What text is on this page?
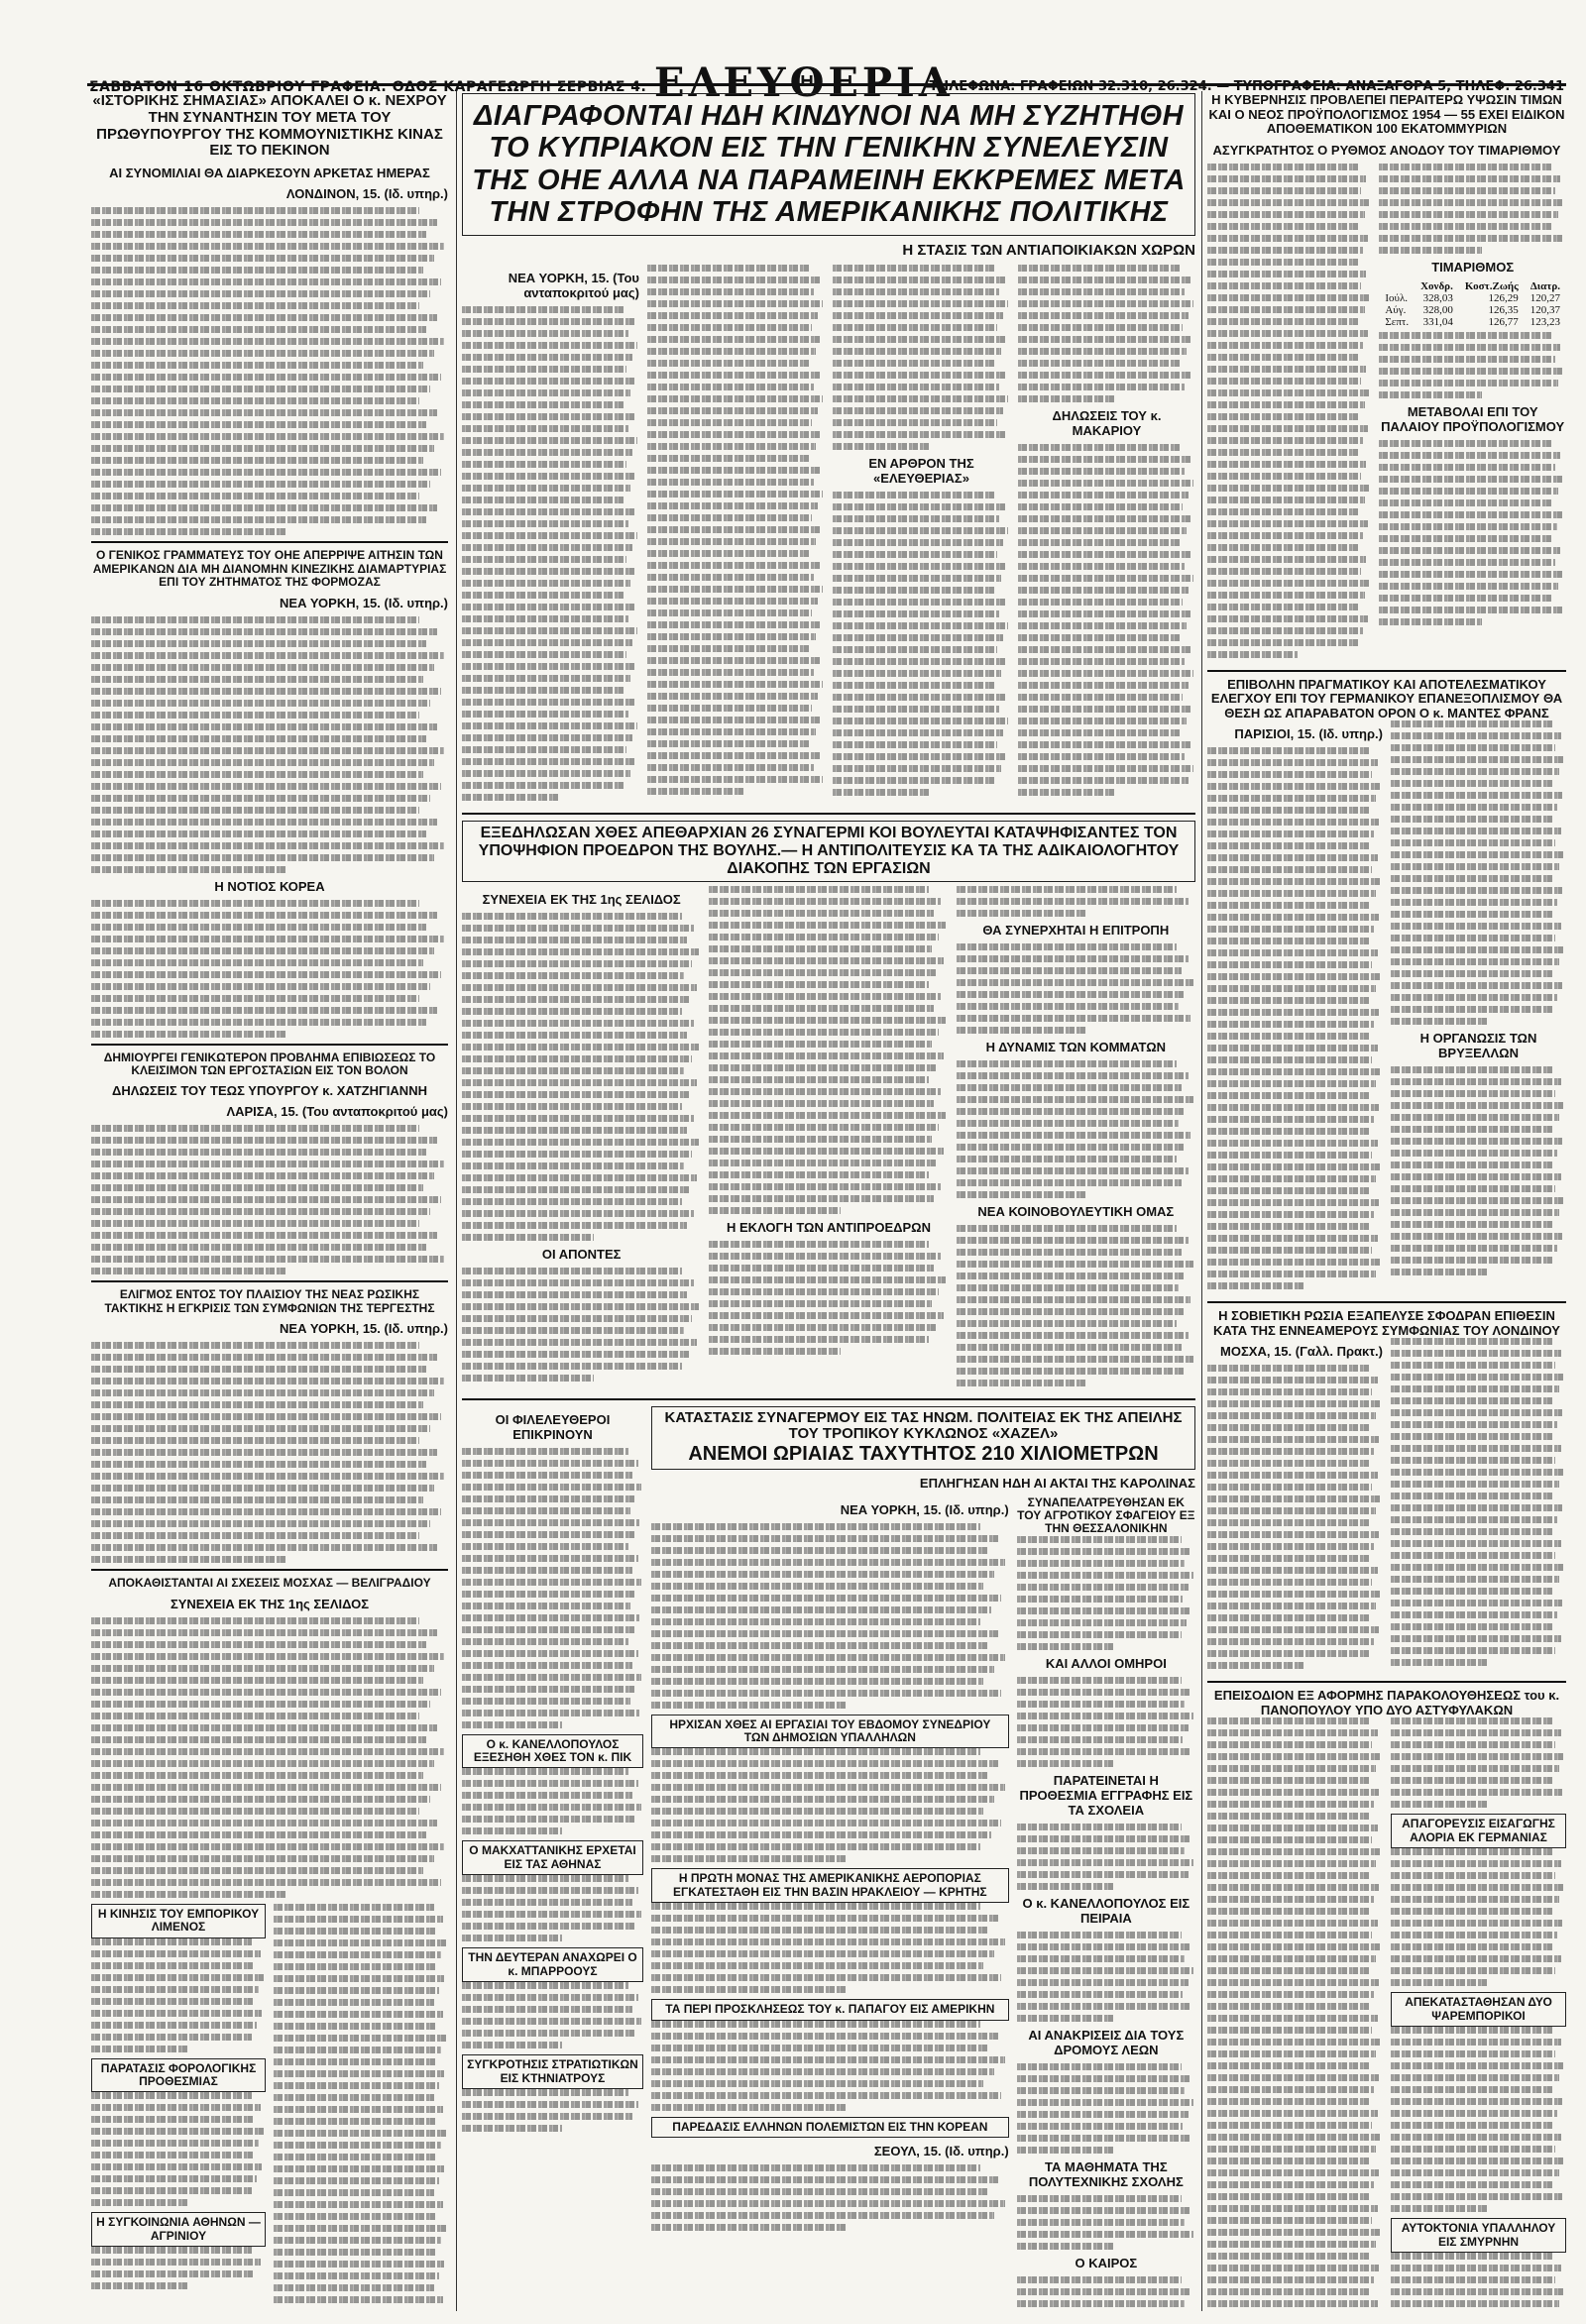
ΣΑΒΒΑΤΟΝ 16 ΟΚΤΩΒΡΙΟΥ ΓΡΑΦΕΙΑ: ΟΔΟΣ ΚΑΡΑΓΕΩΡΓΗ ΣΕΡΒΙΑΣ 4. ΕΛΕΥΘΕΡΙΑ
ΤΗΛΕΦΩΝΑ: ΓΡΑΦΕΙΩΝ 32.310, 26.324. — ΤΥΠΟΓΡΑΦΕΙΑ: ΑΝΑΞΑΓΟΡΑ 5, ΤΗΛΕΦ. 26.341

«ΙΣΤΟΡΙΚΗΣ ΣΗΜΑΣΙΑΣ» ΑΠΟΚΑΛΕΙ Ο κ. ΝΕΧΡΟΥ ΤΗΝ ΣΥΝΑΝΤΗΣΙΝ ΤΟΥ ΜΕΤΑ ΤΟΥ ΠΡΩΘΥΠΟΥΡΓΟΥ ΤΗΣ ΚΟΜΜΟΥΝΙΣΤΙΚΗΣ ΚΙΝΑΣ ΕΙΣ ΤΟ ΠΕΚΙΝΟΝ

ΑΙ ΣΥΝΟΜΙΛΙΑΙ ΘΑ ΔΙΑΡΚΕΣΟΥΝ ΑΡΚΕΤΑΣ ΗΜΕΡΑΣ

ΛΟΝΔΙΝΟΝ, 15. (Ιδ. υπηρ.)

Ο ΓΕΝΙΚΟΣ ΓΡΑΜΜΑΤΕΥΣ ΤΟΥ ΟΗΕ ΑΠΕΡΡΙΨΕ ΑΙΤΗΣΙΝ ΤΩΝ ΑΜΕΡΙΚΑΝΩΝ ΔΙΑ ΜΗ ΔΙΑΝΟΜΗΝ ΚΙΝΕΖΙΚΗΣ ΔΙΑΜΑΡΤΥΡΙΑΣ ΕΠΙ ΤΟΥ ΖΗΤΗΜΑΤΟΣ ΤΗΣ ΦΟΡΜΟΖΑΣ

ΝΕΑ ΥΟΡΚΗ, 15. (Ιδ. υπηρ.)

Η ΝΟΤΙΟΣ ΚΟΡΕΑ

ΔΗΜΙΟΥΡΓΕΙ ΓΕΝΙΚΩΤΕΡΟΝ ΠΡΟΒΛΗΜΑ ΕΠΙΒΙΩΣΕΩΣ ΤΟ ΚΛΕΙΣΙΜΟΝ ΤΩΝ ΕΡΓΟΣΤΑΣΙΩΝ ΕΙΣ ΤΟΝ ΒΟΛΟΝ

ΔΗΛΩΣΕΙΣ ΤΟΥ ΤΕΩΣ ΥΠΟΥΡΓΟΥ κ. ΧΑΤΖΗΓΙΑΝΝΗ

ΛΑΡΙΣΑ, 15. (Του ανταποκριτού μας)

ΕΛΙΓΜΟΣ ΕΝΤΟΣ ΤΟΥ ΠΛΑΙΣΙΟΥ ΤΗΣ ΝΕΑΣ ΡΩΣΙΚΗΣ ΤΑΚΤΙΚΗΣ Η ΕΓΚΡΙΣΙΣ ΤΩΝ ΣΥΜΦΩΝΙΩΝ ΤΗΣ ΤΕΡΓΕΣΤΗΣ

ΝΕΑ ΥΟΡΚΗ, 15. (Ιδ. υπηρ.)

ΑΠΟΚΑΘΙΣΤΑΝΤΑΙ ΑΙ ΣΧΕΣΕΙΣ ΜΟΣΧΑΣ — ΒΕΛΙΓΡΑΔΙΟΥ

ΣΥΝΕΧΕΙΑ ΕΚ ΤΗΣ 1ης ΣΕΛΙΔΟΣ

Η ΚΙΝΗΣΙΣ ΤΟΥ ΕΜΠΟΡΙΚΟΥ ΛΙΜΕΝΟΣ

ΠΑΡΑΤΑΣΙΣ ΦΟΡΟΛΟΓΙΚΗΣ ΠΡΟΘΕΣΜΙΑΣ

Η ΣΥΓΚΟΙΝΩΝΙΑ ΑΘΗΝΩΝ — ΑΓΡΙΝΙΟΥ

ΔΙΑΓΡΑΦΟΝΤΑΙ ΗΔΗ ΚΙΝΔΥΝΟΙ ΝΑ ΜΗ ΣΥΖΗΤΗΘΗ ΤΟ ΚΥΠΡΙΑΚΟΝ ΕΙΣ ΤΗΝ ΓΕΝΙΚΗΝ ΣΥΝΕΛΕΥΣΙΝ ΤΗΣ ΟΗΕ ΑΛΛΑ ΝΑ ΠΑΡΑΜΕΙΝΗ ΕΚΚΡΕΜΕΣ ΜΕΤΑ ΤΗΝ ΣΤΡΟΦΗΝ ΤΗΣ ΑΜΕΡΙΚΑΝΙΚΗΣ ΠΟΛΙΤΙΚΗΣ

Η ΣΤΑΣΙΣ ΤΩΝ ΑΝΤΙΑΠΟΙΚΙΑΚΩΝ ΧΩΡΩΝ

ΝΕΑ ΥΟΡΚΗ, 15. (Του ανταποκριτού μας)

ΕΝ ΑΡΘΡΟΝ ΤΗΣ «ΕΛΕΥΘΕΡΙΑΣ»

ΔΗΛΩΣΕΙΣ ΤΟΥ κ. ΜΑΚΑΡΙΟΥ

ΕΞΕΔΗΛΩΣΑΝ ΧΘΕΣ ΑΠΕΘΑΡΧΙΑΝ 26 ΣΥΝΑΓΕΡΜΙ ΚΟΙ ΒΟΥΛΕΥΤΑΙ ΚΑΤΑΨΗΦΙΣΑΝΤΕΣ ΤΟΝ ΥΠΟΨΗΦΙΟΝ ΠΡΟΕΔΡΟΝ ΤΗΣ ΒΟΥΛΗΣ.— Η ΑΝΤΙΠΟΛΙΤΕΥΣΙΣ ΚΑ ΤΑ ΤΗΣ ΑΔΙΚΑΙΟΛΟΓΗΤΟΥ ΔΙΑΚΟΠΗΣ ΤΩΝ ΕΡΓΑΣΙΩΝ

ΣΥΝΕΧΕΙΑ ΕΚ ΤΗΣ 1ης ΣΕΛΙΔΟΣ

ΟΙ ΑΠΟΝΤΕΣ

Η ΕΚΛΟΓΗ ΤΩΝ ΑΝΤΙΠΡΟΕΔΡΩΝ

ΘΑ ΣΥΝΕΡΧΗΤΑΙ Η ΕΠΙΤΡΟΠΗ

Η ΔΥΝΑΜΙΣ ΤΩΝ ΚΟΜΜΑΤΩΝ

ΝΕΑ ΚΟΙΝΟΒΟΥΛΕΥΤΙΚΗ ΟΜΑΣ

ΟΙ ΦΙΛΕΛΕΥΘΕΡΟΙ ΕΠΙΚΡΙΝΟΥΝ

Ο κ. ΚΑΝΕΛΛΟΠΟΥΛΟΣ ΕΞΕΣΗΘΗ ΧΘΕΣ ΤΟΝ κ. ΠΙΚ

Ο ΜΑΚΧΑΤΤΑΝΙΚΗΣ ΕΡΧΕΤΑΙ ΕΙΣ ΤΑΣ ΑΘΗΝΑΣ

ΤΗΝ ΔΕΥΤΕΡΑΝ ΑΝΑΧΩΡΕΙ Ο κ. ΜΠΑΡΡΟΟΥΣ

ΣΥΓΚΡΟΤΗΣΙΣ ΣΤΡΑΤΙΩΤΙΚΩΝ ΕΙΣ ΚΤΗΝΙΑΤΡΟΥΣ

ΚΑΤΑΣΤΑΣΙΣ ΣΥΝΑΓΕΡΜΟΥ ΕΙΣ ΤΑΣ ΗΝΩΜ. ΠΟΛΙΤΕΙΑΣ ΕΚ ΤΗΣ ΑΠΕΙΛΗΣ ΤΟΥ ΤΡΟΠΙΚΟΥ ΚΥΚΛΩΝΟΣ «ΧΑΖΕΛ»

ΑΝΕΜΟΙ ΩΡΙΑΙΑΣ ΤΑΧΥΤΗΤΟΣ 210 ΧΙΛΙΟΜΕΤΡΩΝ

ΕΠΛΗΓΗΣΑΝ ΗΔΗ ΑΙ ΑΚΤΑΙ ΤΗΣ ΚΑΡΟΛΙΝΑΣ

ΝΕΑ ΥΟΡΚΗ, 15. (Ιδ. υπηρ.)

ΗΡΧΙΣΑΝ ΧΘΕΣ ΑΙ ΕΡΓΑΣΙΑΙ ΤΟΥ ΕΒΔΟΜΟΥ ΣΥΝΕΔΡΙΟΥ ΤΩΝ ΔΗΜΟΣΙΩΝ ΥΠΑΛΛΗΛΩΝ

Η ΠΡΩΤΗ ΜΟΝΑΣ ΤΗΣ ΑΜΕΡΙΚΑΝΙΚΗΣ ΑΕΡΟΠΟΡΙΑΣ ΕΓΚΑΤΕΣΤΑΘΗ ΕΙΣ ΤΗΝ ΒΑΣΙΝ ΗΡΑΚΛΕΙΟΥ — ΚΡΗΤΗΣ

ΤΑ ΠΕΡΙ ΠΡΟΣΚΛΗΣΕΩΣ ΤΟΥ κ. ΠΑΠΑΓΟΥ ΕΙΣ ΑΜΕΡΙΚΗΝ

ΠΑΡΕΔΑΣΙΣ ΕΛΛΗΝΩΝ ΠΟΛΕΜΙΣΤΩΝ ΕΙΣ ΤΗΝ ΚΟΡΕΑΝ

ΣΕΟΥΛ, 15. (Ιδ. υπηρ.)

ΣΥΝΑΠΕΛΑΤΡΕΥΘΗΣΑΝ ΕΚ ΤΟΥ ΑΓΡΟΤΙΚΟΥ ΣΦΑΓΕΙΟΥ ΕΞ ΤΗΝ ΘΕΣΣΑΛΟΝΙΚΗΝ

ΚΑΙ ΑΛΛΟΙ ΟΜΗΡΟΙ

ΠΑΡΑΤΕΙΝΕΤΑΙ Η ΠΡΟΘΕΣΜΙΑ ΕΓΓΡΑΦΗΣ ΕΙΣ ΤΑ ΣΧΟΛΕΙΑ

Ο κ. ΚΑΝΕΛΛΟΠΟΥΛΟΣ ΕΙΣ ΠΕΙΡΑΙΑ

ΑΙ ΑΝΑΚΡΙΣΕΙΣ ΔΙΑ ΤΟΥΣ ΔΡΟΜΟΥΣ ΛΕΩΝ

ΤΑ ΜΑΘΗΜΑΤΑ ΤΗΣ ΠΟΛΥΤΕΧΝΙΚΗΣ ΣΧΟΛΗΣ

Ο ΚΑΙΡΟΣ

Η ΚΥΒΕΡΝΗΣΙΣ ΠΡΟΒΛΕΠΕΙ ΠΕΡΑΙΤΕΡΩ ΥΨΩΣΙΝ ΤΙΜΩΝ ΚΑΙ Ο ΝΕΟΣ ΠΡΟΫΠΟΛΟΓΙΣΜΟΣ 1954 — 55 ΕΧΕΙ ΕΙΔΙΚΟΝ ΑΠΟΘΕΜΑΤΙΚΟΝ 100 ΕΚΑΤΟΜΜΥΡΙΩΝ

ΑΣΥΓΚΡΑΤΗΤΟΣ Ο ΡΥΘΜΟΣ ΑΝΟΔΟΥ ΤΟΥ ΤΙΜΑΡΙΘΜΟΥ

ΤΙΜΑΡΙΘΜΟΣ

	Χονδρ.	Κοστ.Ζωής	Διατρ.
Ιούλ.	328,03	126,29	120,27
Αύγ.	328,00	126,35	120,37
Σεπτ.	331,04	126,77	123,23

ΜΕΤΑΒΟΛΑΙ ΕΠΙ ΤΟΥ ΠΑΛΑΙΟΥ ΠΡΟΫΠΟΛΟΓΙΣΜΟΥ

ΕΠΙΒΟΛΗΝ ΠΡΑΓΜΑΤΙΚΟΥ ΚΑΙ ΑΠΟΤΕΛΕΣΜΑΤΙΚΟΥ ΕΛΕΓΧΟΥ ΕΠΙ ΤΟΥ ΓΕΡΜΑΝΙΚΟΥ ΕΠΑΝΕΞΟΠΛΙΣΜΟΥ ΘΑ ΘΕΣΗ ΩΣ ΑΠΑΡΑΒΑΤΟΝ ΟΡΟΝ Ο κ. ΜΑΝΤΕΣ ΦΡΑΝΣ

ΠΑΡΙΣΙΟΙ, 15. (Ιδ. υπηρ.)

Η ΟΡΓΑΝΩΣΙΣ ΤΩΝ ΒΡΥΞΕΛΛΩΝ

Η ΣΟΒΙΕΤΙΚΗ ΡΩΣΙΑ ΕΞΑΠΕΛΥΣΕ ΣΦΟΔΡΑΝ ΕΠΙΘΕΣΙΝ ΚΑΤΑ ΤΗΣ ΕΝΝΕΑΜΕΡΟΥΣ ΣΥΜΦΩΝΙΑΣ ΤΟΥ ΛΟΝΔΙΝΟΥ

ΜΟΣΧΑ, 15. (Γαλλ. Πρακτ.)

ΕΠΕΙΣΟΔΙΟΝ ΕΞ ΑΦΟΡΜΗΣ ΠΑΡΑΚΟΛΟΥΘΗΣΕΩΣ του κ. ΠΑΝΟΠΟΥΛΟΥ ΥΠΟ ΔΥΟ ΑΣΤΥΦΥΛΑΚΩΝ

ΑΠΑΓΟΡΕΥΣΙΣ ΕΙΣΑΓΩΓΗΣ ΑΛΟΡΙΑ ΕΚ ΓΕΡΜΑΝΙΑΣ

ΑΠΕΚΑΤΑΣΤΑΘΗΣΑΝ ΔΥΟ ΨΑΡΕΜΠΟΡΙΚΟΙ

ΑΥΤΟΚΤΟΝΙΑ ΥΠΑΛΛΗΛΟΥ ΕΙΣ ΣΜΥΡΝΗΝ
